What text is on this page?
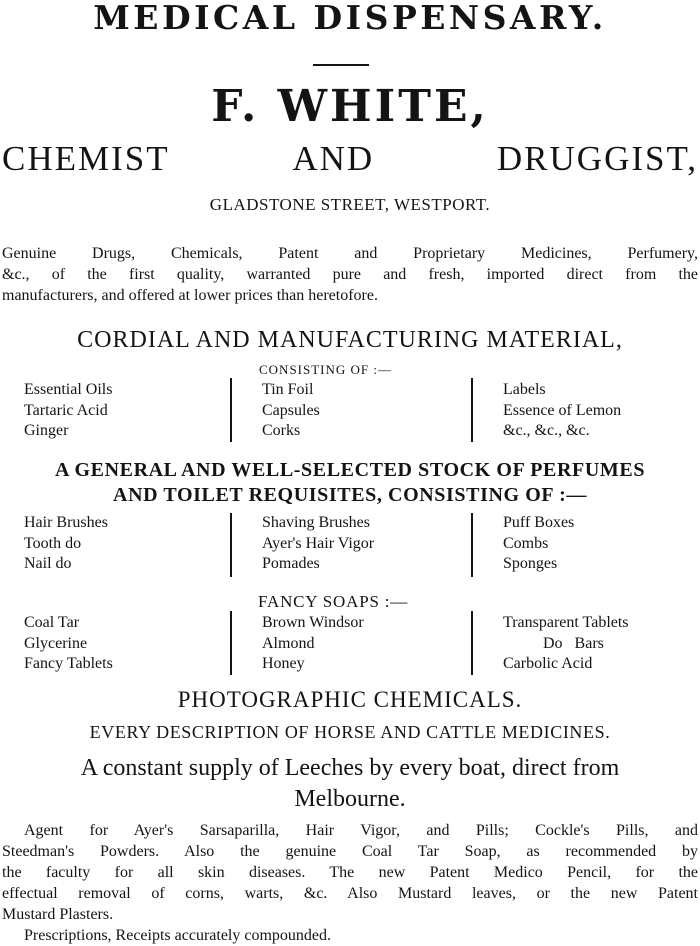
MEDICAL DISPENSARY.
F. WHITE,
CHEMIST	AND	DRUGGIST,
GLADSTONE STREET, WESTPORT.
Genuine Drugs, Chemicals, Patent and Proprietary Medicines, Perfumery,
&c., of the first quality, warranted pure and fresh, imported direct from the
manufacturers, and offered at lower prices than heretofore.
CORDIAL AND MANUFACTURING MATERIAL,
CONSISTING OF :—
Essential Oils
Tartaric Acid
Ginger
Tin Foil
Capsules
Corks
Labels
Essence of Lemon
&c., &c., &c.
A GENERAL AND WELL-SELECTED STOCK OF PERFUMES
AND TOILET REQUISITES, CONSISTING OF :—
Hair Brushes
Tooth do
Nail do
Shaving Brushes
Ayer's Hair Vigor
Pomades
Puff Boxes
Combs
Sponges
FANCY SOAPS :—
Coal Tar
Glycerine
Fancy Tablets
Brown Windsor
Almond
Honey
Transparent Tablets
Do   Bars
Carbolic Acid
PHOTOGRAPHIC CHEMICALS.
EVERY DESCRIPTION OF HORSE AND CATTLE MEDICINES.
A constant supply of Leeches by every boat, direct from
Melbourne.
Agent for Ayer's Sarsaparilla, Hair Vigor, and Pills; Cockle's Pills, and
Steedman's Powders. Also the genuine Coal Tar Soap, as recommended by
the faculty for all skin diseases. The new Patent Medico Pencil, for the
effectual removal of corns, warts, &c. Also Mustard leaves, or the new Patent
Mustard Plasters.
Prescriptions, Receipts accurately compounded.
